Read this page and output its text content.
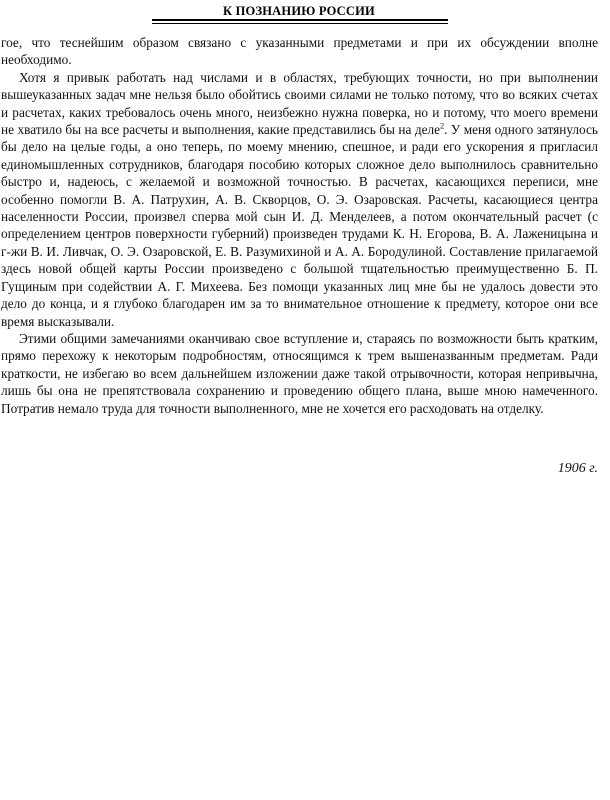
К ПОЗНАНИЮ РОССИИ

гое, что теснейшим образом связано с указанными предметами и при их обсуждении вполне необходимо.

Хотя я привык работать над числами и в областях, требующих точности, но при выполнении вышеуказанных задач мне нельзя было обойтись своими силами не только потому, что во всяких счетах и расчетах, каких требовалось очень много, неизбежно нужна поверка, но и потому, что моего времени не хватило бы на все расчеты и выполнения, какие представились бы на деле$^2$. У меня одного затянулось бы дело на целые годы, а оно теперь, по моему мнению, спешное, и ради его ускорения я пригласил единомышленных сотрудников, благодаря пособию которых сложное дело выполнилось сравнительно быстро и, надеюсь, с желаемой и возможной точностью. В расчетах, касающихся переписи, мне особенно помогли В. А. Патрухин, А. В. Скворцов, О. Э. Озаровская. Расчеты, касающиеся центра населенности России, произвел сперва мой сын И. Д. Менделеев, а потом окончательный расчет (с определением центров поверхности губерний) произведен трудами К. Н. Егорова, В. А. Лаженицына и г-жи В. И. Ливчак, О. Э. Озаровской, Е. В. Разумихиной и А. А. Бородулиной. Составление прилагаемой здесь новой общей карты России произведено с большой тщательностью преимущественно Б. П. Гущиным при содействии А. Г. Михеева. Без помощи указанных лиц мне бы не удалось довести это дело до конца, и я глубоко благодарен им за то внимательное отношение к предмету, которое они все время высказывали.

Этими общими замечаниями оканчиваю свое вступление и, стараясь по возможности быть кратким, прямо перехожу к некоторым подробностям, относящимся к трем вышеназванным предметам. Ради краткости, не избегаю во всем дальнейшем изложении даже такой отрывочности, которая непривычна, лишь бы она не препятствовала сохранению и проведению общего плана, выше мною намеченного. Потратив немало труда для точности выполненного, мне не хочется его расходовать на отделку.

1906 г.
